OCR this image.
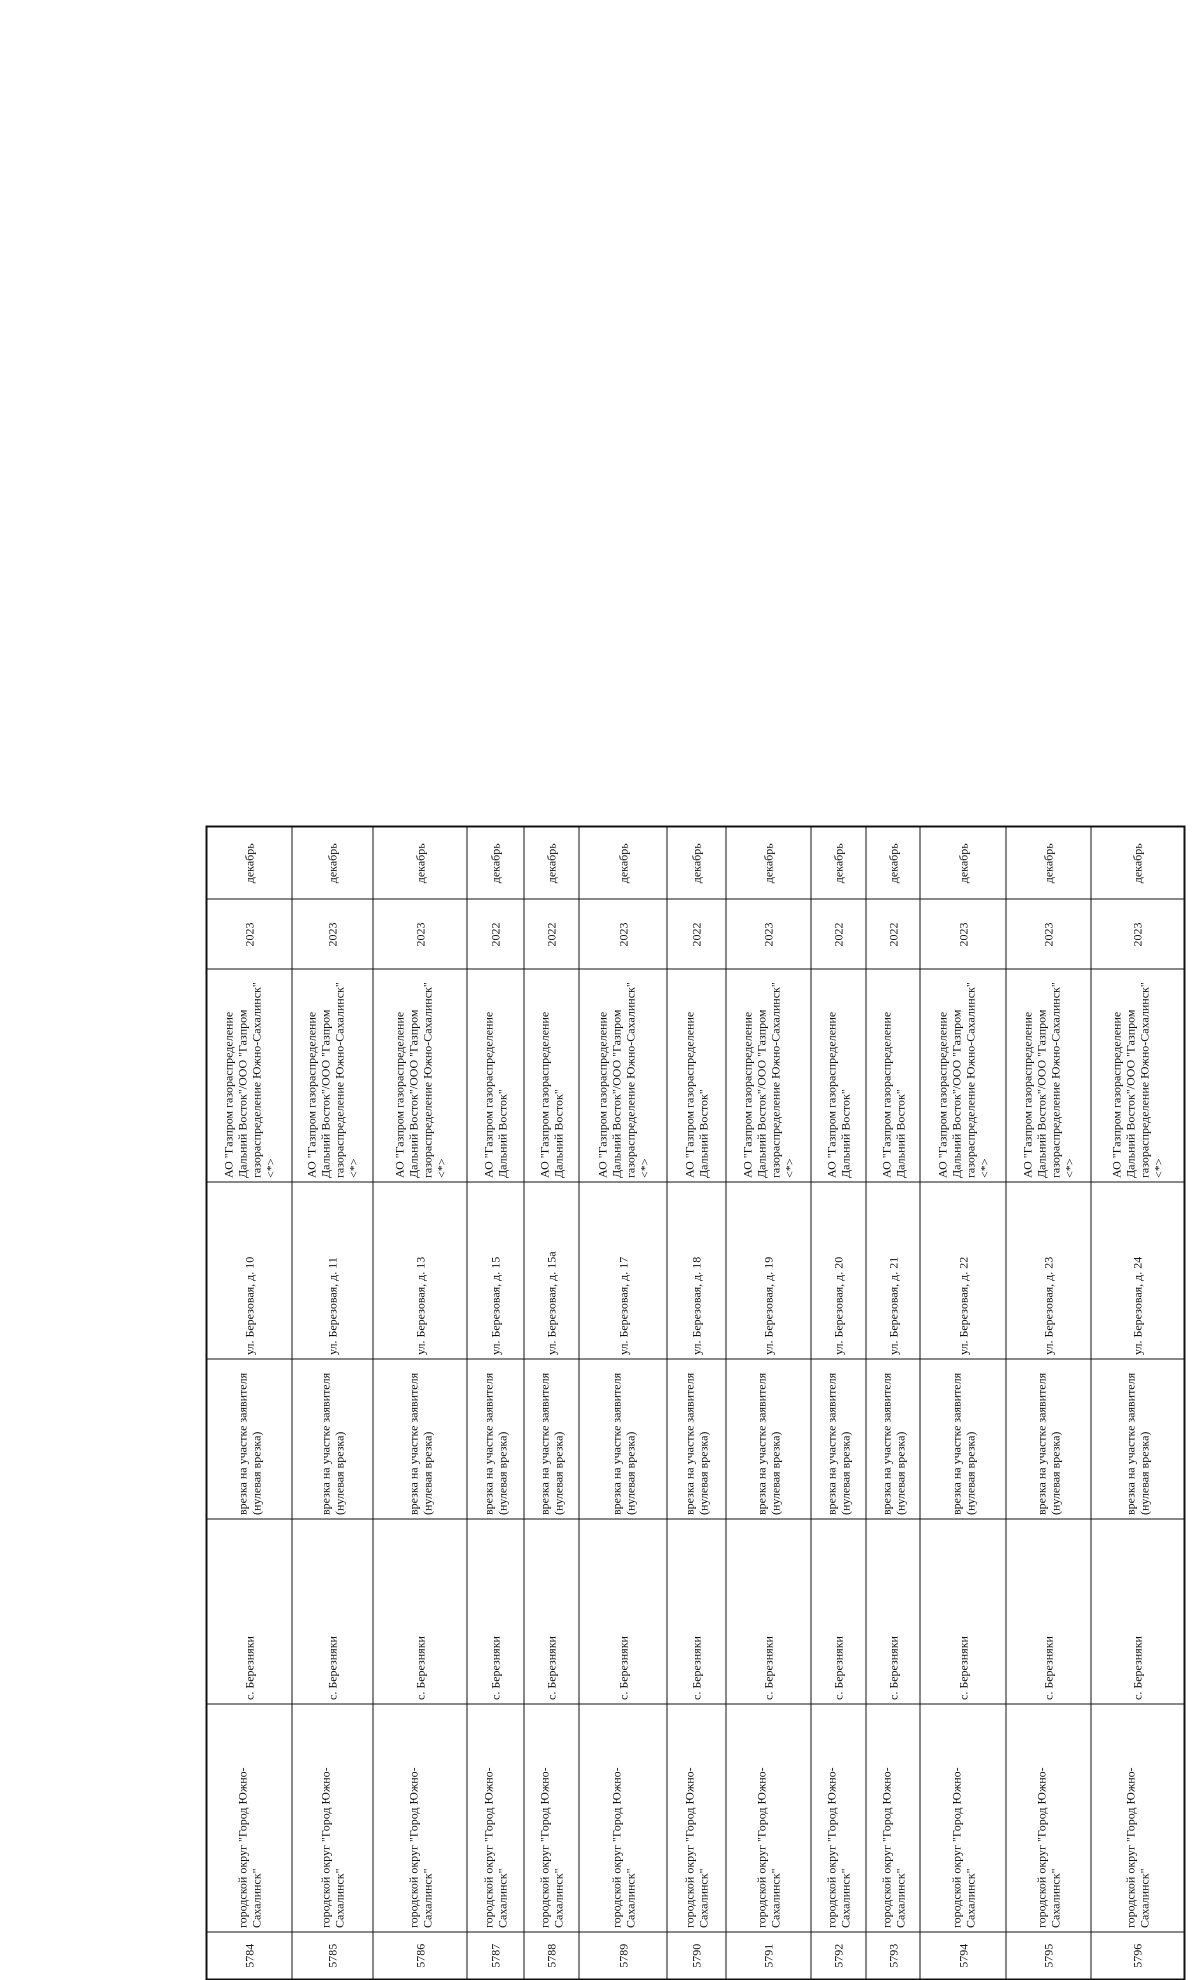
5784	городской округ "Город Южно-Сахалинск"	с. Березняки	врезка на участке заявителя (нулевая врезка)	ул. Березовая, д. 10	АО "Газпром газораспределение Дальний Восток"/ООО "Газпром газораспределение Южно-Сахалинск" <*>	2023	декабрь
5785	городской округ "Город Южно-Сахалинск"	с. Березняки	врезка на участке заявителя (нулевая врезка)	ул. Березовая, д. 11	АО "Газпром газораспределение Дальний Восток"/ООО "Газпром газораспределение Южно-Сахалинск" <*>	2023	декабрь
5786	городской округ "Город Южно-Сахалинск"	с. Березняки	врезка на участке заявителя (нулевая врезка)	ул. Березовая, д. 13	АО "Газпром газораспределение Дальний Восток"/ООО "Газпром газораспределение Южно-Сахалинск" <*>	2023	декабрь
5787	городской округ "Город Южно-Сахалинск"	с. Березняки	врезка на участке заявителя (нулевая врезка)	ул. Березовая, д. 15	АО "Газпром газораспределение Дальний Восток"	2022	декабрь
5788	городской округ "Город Южно-Сахалинск"	с. Березняки	врезка на участке заявителя (нулевая врезка)	ул. Березовая, д. 15а	АО "Газпром газораспределение Дальний Восток"	2022	декабрь
5789	городской округ "Город Южно-Сахалинск"	с. Березняки	врезка на участке заявителя (нулевая врезка)	ул. Березовая, д. 17	АО "Газпром газораспределение Дальний Восток"/ООО "Газпром газораспределение Южно-Сахалинск" <*>	2023	декабрь
5790	городской округ "Город Южно-Сахалинск"	с. Березняки	врезка на участке заявителя (нулевая врезка)	ул. Березовая, д. 18	АО "Газпром газораспределение Дальний Восток"	2022	декабрь
5791	городской округ "Город Южно-Сахалинск"	с. Березняки	врезка на участке заявителя (нулевая врезка)	ул. Березовая, д. 19	АО "Газпром газораспределение Дальний Восток"/ООО "Газпром газораспределение Южно-Сахалинск" <*>	2023	декабрь
5792	городской округ "Город Южно-Сахалинск"	с. Березняки	врезка на участке заявителя (нулевая врезка)	ул. Березовая, д. 20	АО "Газпром газораспределение Дальний Восток"	2022	декабрь
5793	городской округ "Город Южно-Сахалинск"	с. Березняки	врезка на участке заявителя (нулевая врезка)	ул. Березовая, д. 21	АО "Газпром газораспределение Дальний Восток"	2022	декабрь
5794	городской округ "Город Южно-Сахалинск"	с. Березняки	врезка на участке заявителя (нулевая врезка)	ул. Березовая, д. 22	АО "Газпром газораспределение Дальний Восток"/ООО "Газпром газораспределение Южно-Сахалинск" <*>	2023	декабрь
5795	городской округ "Город Южно-Сахалинск"	с. Березняки	врезка на участке заявителя (нулевая врезка)	ул. Березовая, д. 23	АО "Газпром газораспределение Дальний Восток"/ООО "Газпром газораспределение Южно-Сахалинск" <*>	2023	декабрь
5796	городской округ "Город Южно-Сахалинск"	с. Березняки	врезка на участке заявителя (нулевая врезка)	ул. Березовая, д. 24	АО "Газпром газораспределение Дальний Восток"/ООО "Газпром газораспределение Южно-Сахалинск" <*>	2023	декабрь
